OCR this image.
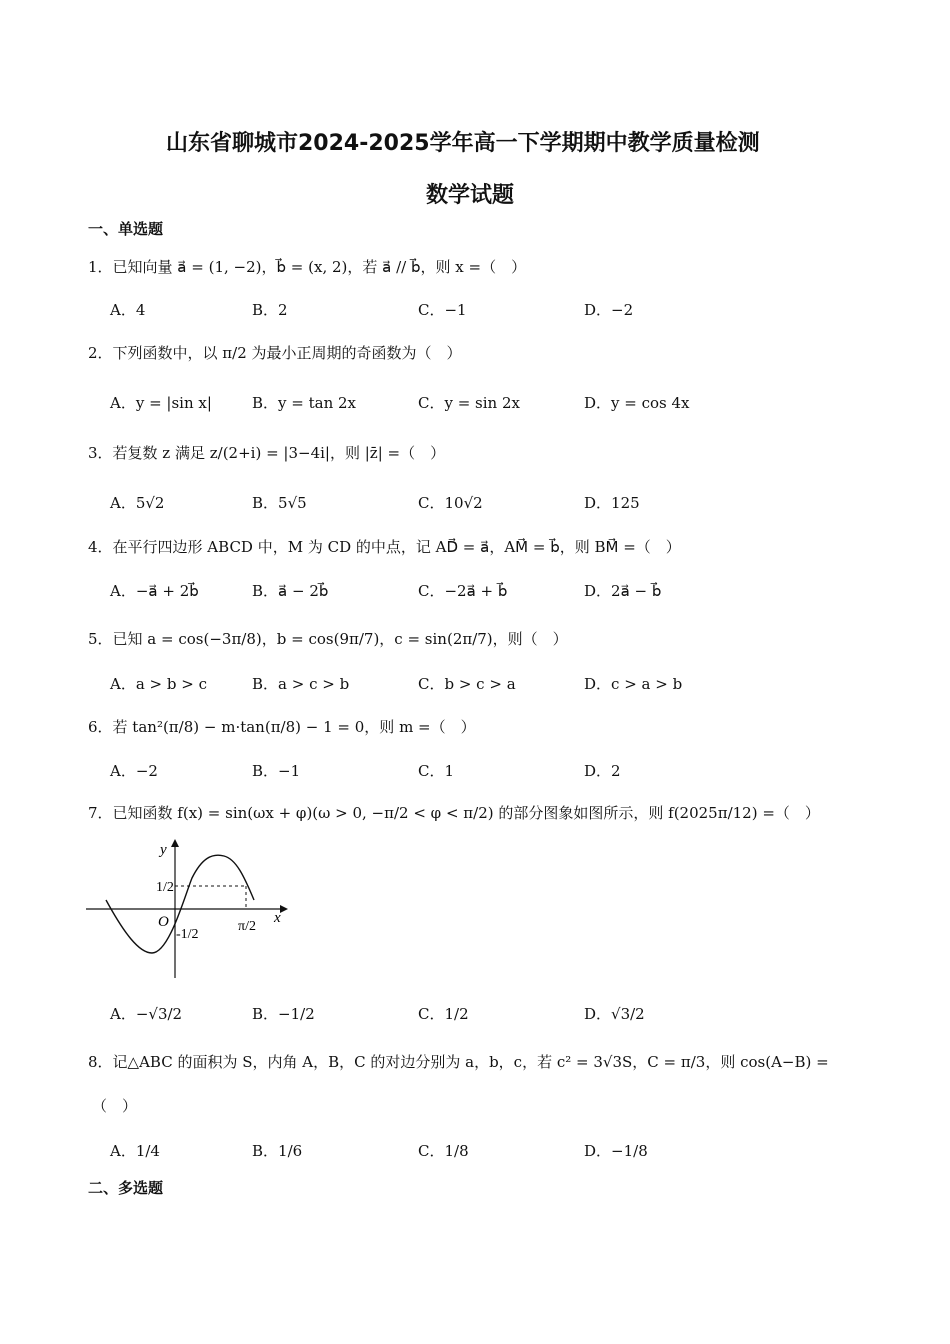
山东省聊城市2024-2025学年高一下学期期中教学质量检测
数学试题
一、单选题
1．已知向量 a⃗ = (1, −2)，b⃗ = (x, 2)，若 a⃗ // b⃗，则 x =（　）
A．4	B．2	C．−1	D．−2
2．下列函数中，以 π/2 为最小正周期的奇函数为（　）
A．y = |sin x|	B．y = tan 2x	C．y = sin 2x	D．y = cos 4x
3．若复数 z 满足 z/(2+i) = |3−4i|，则 |z̄| =（　）
A．5√2	B．5√5	C．10√2	D．125
4．在平行四边形 ABCD 中，M 为 CD 的中点，记 AD⃗ = a⃗，AM⃗ = b⃗，则 BM⃗ =（　）
A．−a⃗ + 2b⃗	B．a⃗ − 2b⃗	C．−2a⃗ + b⃗	D．2a⃗ − b⃗
5．已知 a = cos(−3π/8)，b = cos(9π/7)，c = sin(2π/7)，则（　）
A．a > b > c	B．a > c > b	C．b > c > a	D．c > a > b
6．若 tan²(π/8) − m·tan(π/8) − 1 = 0，则 m =（　）
A．−2	B．−1	C．1	D．2
7．已知函数 f(x) = sin(ωx + φ)(ω > 0, −π/2 < φ < π/2) 的部分图象如图所示，则 f(2025π/12) =（　）
y
x
O
1/2
-1/2
π/2
A．−√3/2	B．−1/2	C．1/2	D．√3/2
8．记△ABC 的面积为 S，内角 A，B，C 的对边分别为 a，b，c，若 c² = 3√3S，C = π/3，则 cos(A−B) =
（　）
A．1/4	B．1/6	C．1/8	D．−1/8
二、多选题
